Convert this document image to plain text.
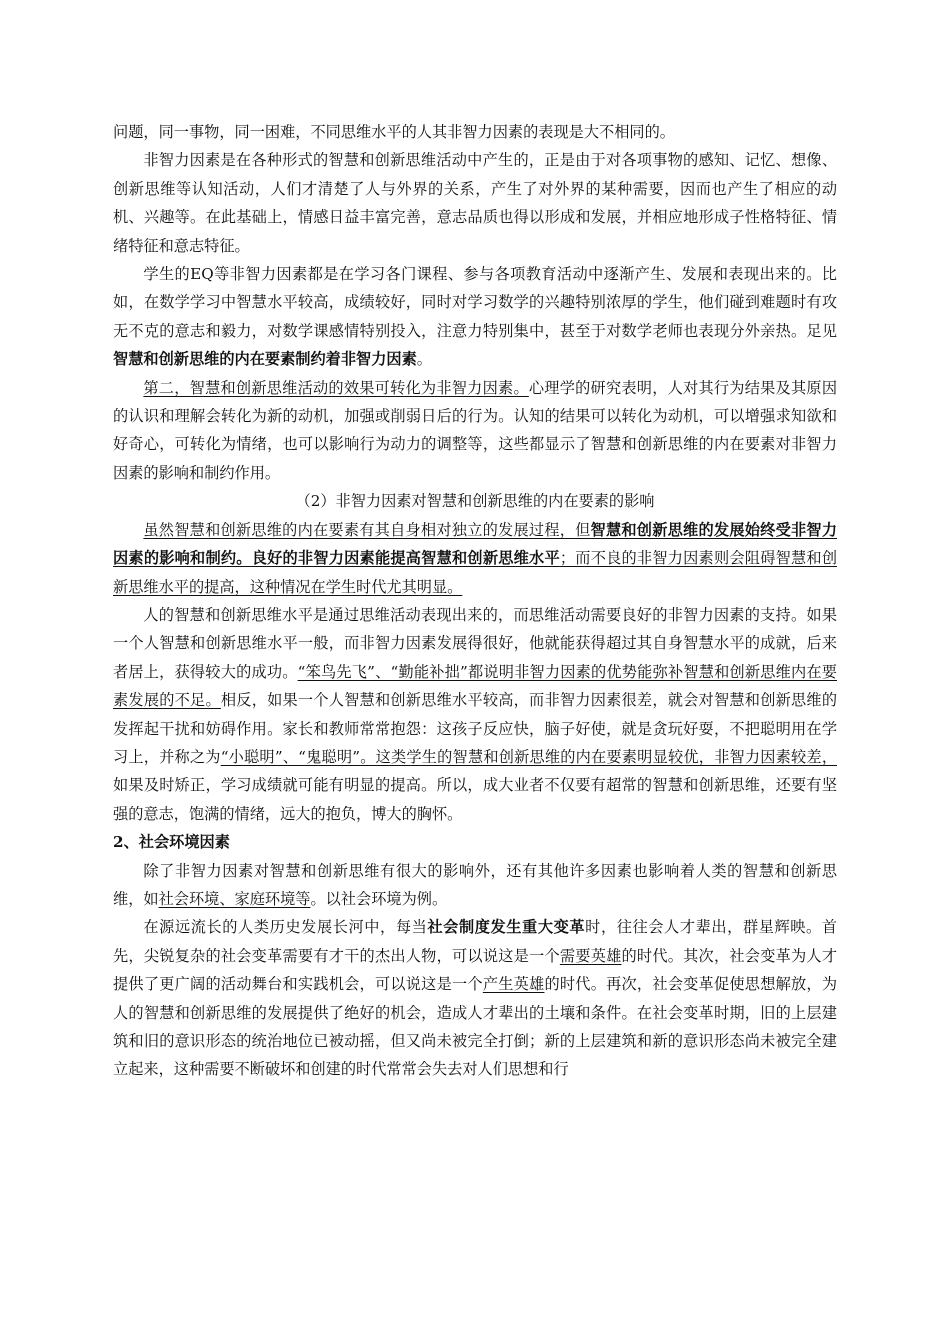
问题，同一事物，同一困难，不同思维水平的人其非智力因素的表现是大不相同的。

非智力因素是在各种形式的智慧和创新思维活动中产生的，正是由于对各项事物的感知、记忆、想像、创新思维等认知活动，人们才清楚了人与外界的关系，产生了对外界的某种需要，因而也产生了相应的动机、兴趣等。在此基础上，情感日益丰富完善，意志品质也得以形成和发展，并相应地形成子性格特征、情绪特征和意志特征。

学生的EQ等非智力因素都是在学习各门课程、参与各项教育活动中逐渐产生、发展和表现出来的。比如，在数学学习中智慧水平较高，成绩较好，同时对学习数学的兴趣特别浓厚的学生，他们碰到难题时有攻无不克的意志和毅力，对数学课感情特别投入，注意力特别集中，甚至于对数学老师也表现分外亲热。足见智慧和创新思维的内在要素制约着非智力因素。

第二，智慧和创新思维活动的效果可转化为非智力因素。心理学的研究表明，人对其行为结果及其原因的认识和理解会转化为新的动机，加强或削弱日后的行为。认知的结果可以转化为动机，可以增强求知欲和好奇心，可转化为情绪，也可以影响行为动力的调整等，这些都显示了智慧和创新思维的内在要素对非智力因素的影响和制约作用。

（2）非智力因素对智慧和创新思维的内在要素的影响

虽然智慧和创新思维的内在要素有其自身相对独立的发展过程，但智慧和创新思维的发展始终受非智力因素的影响和制约。良好的非智力因素能提高智慧和创新思维水平；而不良的非智力因素则会阻碍智慧和创新思维水平的提高，这种情况在学生时代尤其明显。

人的智慧和创新思维水平是通过思维活动表现出来的，而思维活动需要良好的非智力因素的支持。如果一个人智慧和创新思维水平一般，而非智力因素发展得很好，他就能获得超过其自身智慧水平的成就，后来者居上，获得较大的成功。“笨鸟先飞”、“勤能补拙”都说明非智力因素的优势能弥补智慧和创新思维内在要素发展的不足。相反，如果一个人智慧和创新思维水平较高，而非智力因素很差，就会对智慧和创新思维的发挥起干扰和妨碍作用。家长和教师常常抱怨：这孩子反应快，脑子好使，就是贪玩好耍，不把聪明用在学习上，并称之为“小聪明”、“鬼聪明”。这类学生的智慧和创新思维的内在要素明显较优，非智力因素较差，如果及时矫正，学习成绩就可能有明显的提高。所以，成大业者不仅要有超常的智慧和创新思维，还要有坚强的意志，饱满的情绪，远大的抱负，博大的胸怀。

2、社会环境因素

除了非智力因素对智慧和创新思维有很大的影响外，还有其他许多因素也影响着人类的智慧和创新思维，如社会环境、家庭环境等。以社会环境为例。

在源远流长的人类历史发展长河中，每当社会制度发生重大变革时，往往会人才辈出，群星辉映。首先，尖锐复杂的社会变革需要有才干的杰出人物，可以说这是一个需要英雄的时代。其次，社会变革为人才提供了更广阔的活动舞台和实践机会，可以说这是一个产生英雄的时代。再次，社会变革促使思想解放，为人的智慧和创新思维的发展提供了绝好的机会，造成人才辈出的土壤和条件。在社会变革时期，旧的上层建筑和旧的意识形态的统治地位已被动摇，但又尚未被完全打倒；新的上层建筑和新的意识形态尚未被完全建立起来，这种需要不断破坏和创建的时代常常会失去对人们思想和行
